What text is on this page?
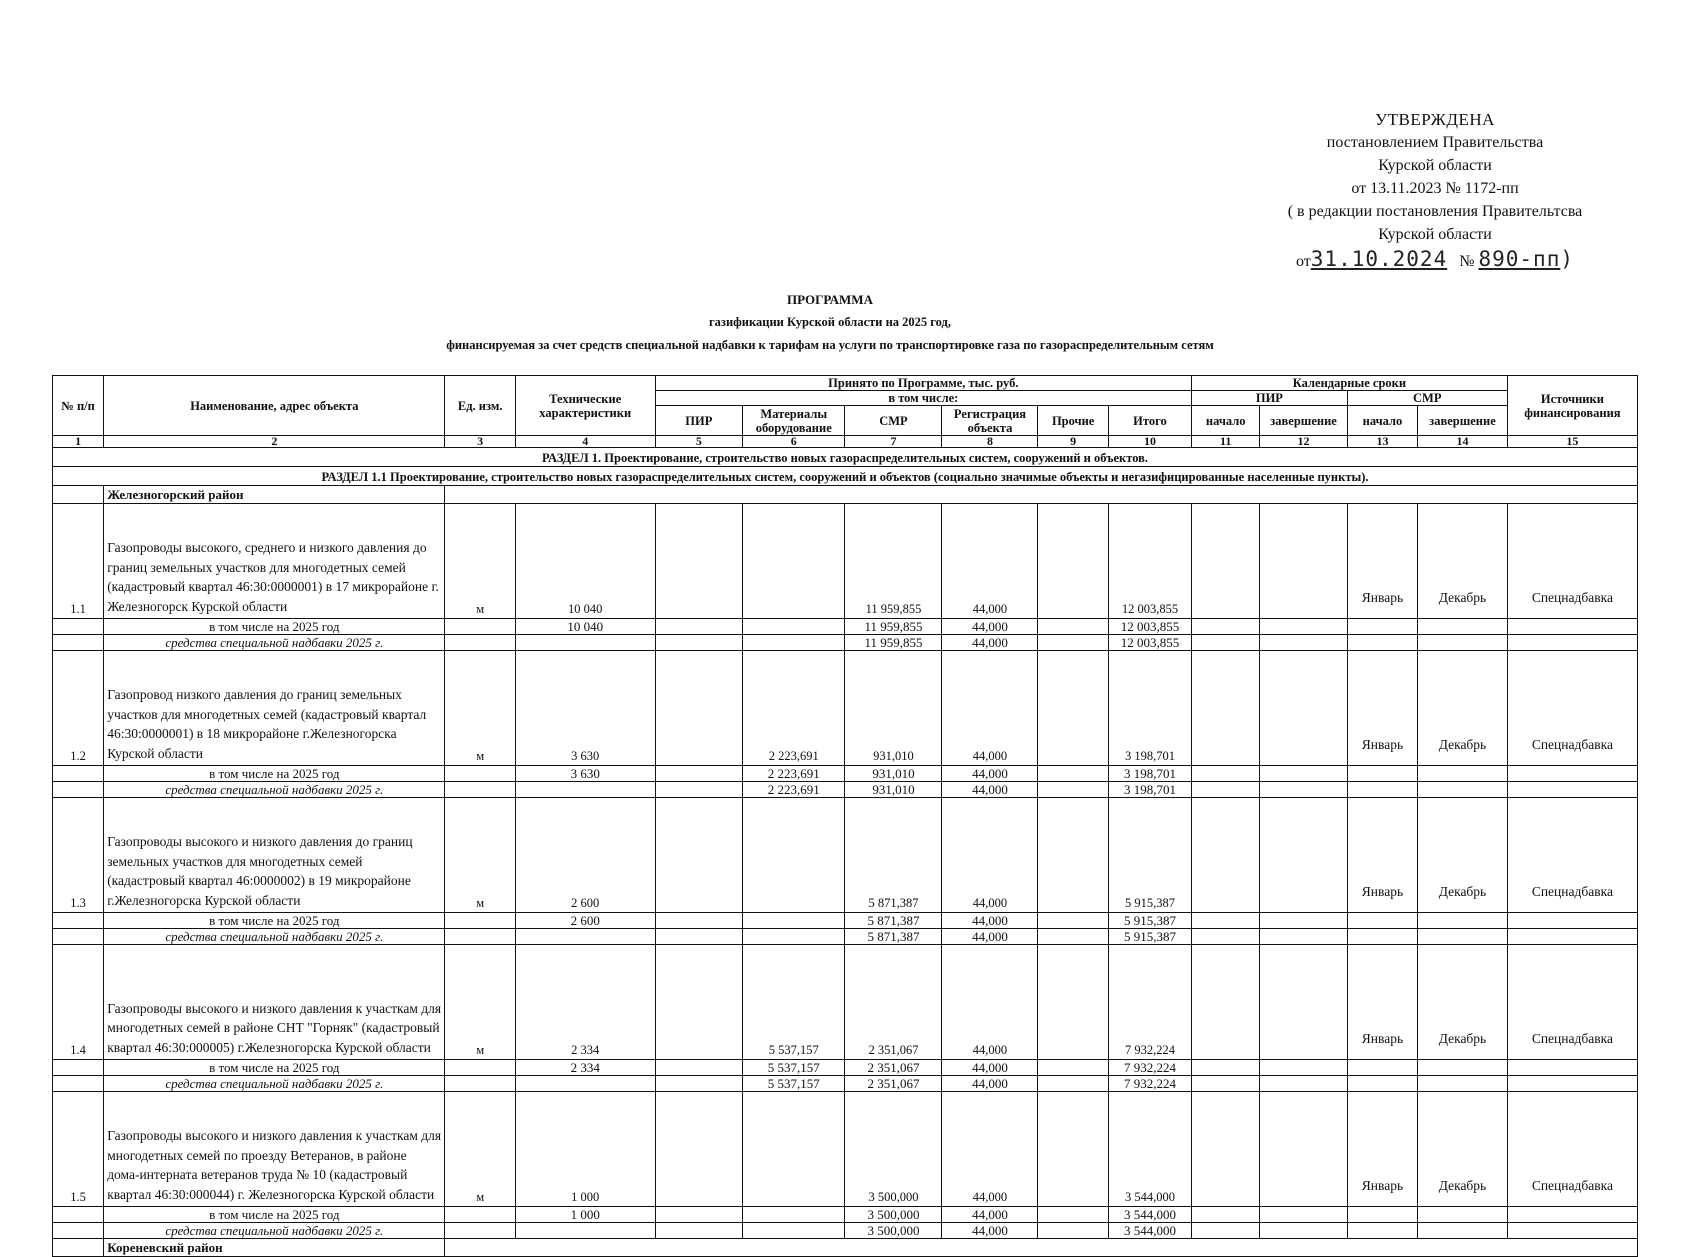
УТВЕРЖДЕНА
постановлением Правительства
Курской области
от 13.11.2023 № 1172-пп
( в редакции постановления Правительтсва
Курской области
от31.10.2024 № 890-пп)
ПРОГРАММА
газификации Курской области на 2025 год,
финансируемая за счет средств специальной надбавки к тарифам на услуги по транспортировке газа по газораспределительным сетям
№ п/п	Наименование, адрес объекта	Ед. изм.	Технические характеристики	Принято по Программе, тыс. руб.						Календарные сроки				Источники финансирования
				в том числе:						ПИР		СМР		
				ПИР	Материалы оборудование	СМР	Регистрация объекта	Прочие	Итого	начало	завершение	начало	завершение	
1	2	3	4	5	6	7	8	9	10	11	12	13	14	15
РАЗДЕЛ 1. Проектирование, строительство новых газораспределительных систем, сооружений и объектов.														
РАЗДЕЛ 1.1 Проектирование, строительство новых газораспределительных систем, сооружений и объектов (социально значимые объекты и негазифицированные населенные пункты).														
	Железногорский район													
1.1	Газопроводы высокого, среднего и низкого давления до границ земельных участков для многодетных семей (кадастровый квартал 46:30:0000001) в 17 микрорайоне г. Железногорск Курской области	м	10 040			11 959,855	44,000		12 003,855			Январь	Декабрь	Спецнадбавка
	в том числе на 2025 год		10 040			11 959,855	44,000		12 003,855					
	средства специальной надбавки 2025 г.					11 959,855	44,000		12 003,855					
1.2	Газопровод низкого давления до границ земельных участков для многодетных семей (кадастровый квартал 46:30:0000001) в 18 микрорайоне г.Железногорска Курской области	м	3 630		2 223,691	931,010	44,000		3 198,701			Январь	Декабрь	Спецнадбавка
	в том числе на 2025 год		3 630		2 223,691	931,010	44,000		3 198,701					
	средства специальной надбавки 2025 г.				2 223,691	931,010	44,000		3 198,701					
1.3	Газопроводы высокого и низкого давления до границ земельных участков для многодетных семей (кадастровый квартал 46:0000002) в 19 микрорайоне г.Железногорска Курской области	м	2 600			5 871,387	44,000		5 915,387			Январь	Декабрь	Спецнадбавка
	в том числе на 2025 год		2 600			5 871,387	44,000		5 915,387					
	средства специальной надбавки 2025 г.					5 871,387	44,000		5 915,387					
1.4	Газопроводы высокого и низкого давления к участкам для многодетных семей в районе СНТ "Горняк" (кадастровый квартал 46:30:000005) г.Железногорска Курской области	м	2 334		5 537,157	2 351,067	44,000		7 932,224			Январь	Декабрь	Спецнадбавка
	в том числе на 2025 год		2 334		5 537,157	2 351,067	44,000		7 932,224					
	средства специальной надбавки 2025 г.				5 537,157	2 351,067	44,000		7 932,224					
1.5	Газопроводы высокого и низкого давления к участкам для многодетных семей по проезду Ветеранов, в районе дома-интерната ветеранов труда № 10 (кадастровый квартал 46:30:000044) г. Железногорска Курской области	м	1 000			3 500,000	44,000		3 544,000			Январь	Декабрь	Спецнадбавка
	в том числе на 2025 год		1 000			3 500,000	44,000		3 544,000					
	средства специальной надбавки 2025 г.					3 500,000	44,000		3 544,000					
	Кореневский район													
